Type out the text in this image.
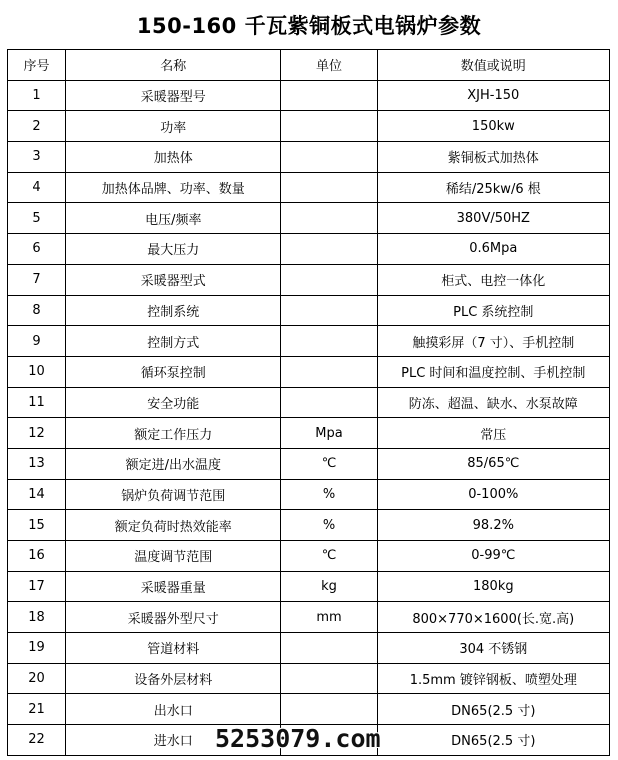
150-160 千瓦紫铜板式电锅炉参数
序号	名称	单位	数值或说明
1	采暖器型号		XJH-150
2	功率		150kw
3	加热体		紫铜板式加热体
4	加热体品牌、功率、数量		稀结/25kw/6 根
5	电压/频率		380V/50HZ
6	最大压力		0.6Mpa
7	采暖器型式		柜式、电控一体化
8	控制系统		PLC 系统控制
9	控制方式		触摸彩屏（7 寸）、手机控制
10	循环泵控制		PLC 时间和温度控制、手机控制
11	安全功能		防冻、超温、缺水、水泵故障
12	额定工作压力	Mpa	常压
13	额定进/出水温度	℃	85/65℃
14	锅炉负荷调节范围	%	0-100%
15	额定负荷时热效能率	%	98.2%
16	温度调节范围	℃	0-99℃
17	采暖器重量	kg	180kg
18	采暖器外型尺寸	mm	800×770×1600(长.宽.高)
19	管道材料		304 不锈钢
20	设备外层材料		1.5mm 镀锌钢板、喷塑处理
21	出水口		DN65(2.5 寸)
22	进水口		DN65(2.5 寸)
5253079.com
